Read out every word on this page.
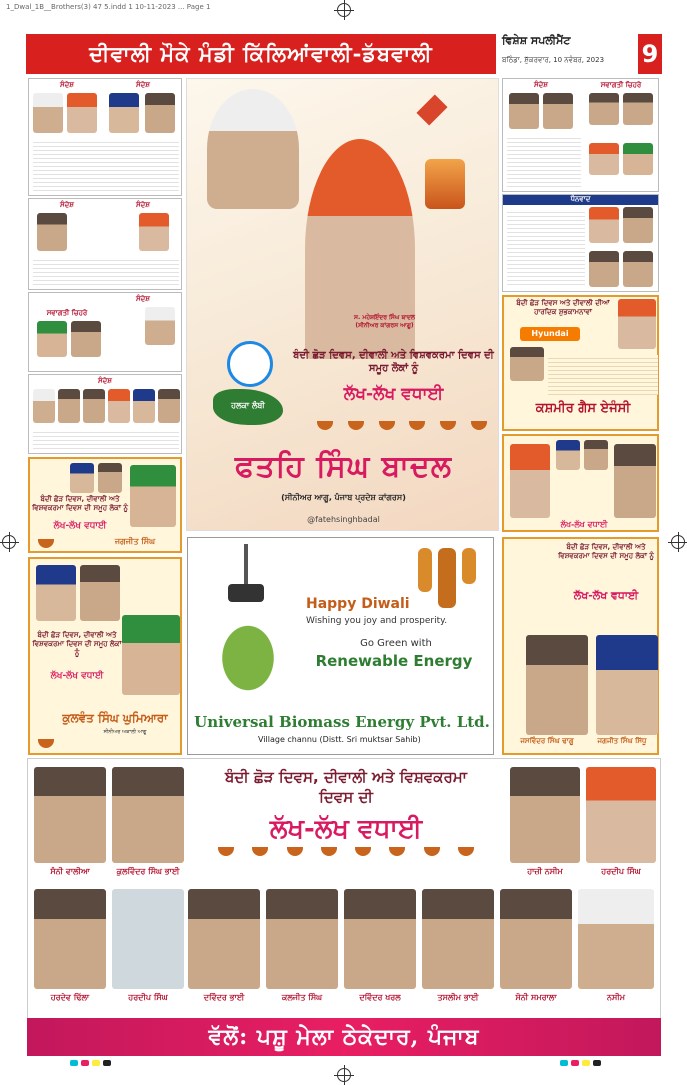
1_Dwal_1B__Brothers(3) 47 5.indd 1 10-11-2023 ... Page 1
ਦੀਵਾਲੀ ਮੌਕੇ ਮੰਡੀ ਕਿੱਲਿਆਂਵਾਲੀ-ਡੱਬਵਾਲੀ
ਵਿਸ਼ੇਸ਼ ਸਪਲੀਮੈਂਟ
ਬਠਿੰਡਾ, ਸ਼ੁੱਕਰਵਾਰ, 10 ਨਵੰਬਰ, 2023	9
ਸੰਦੇਸ਼	ਸੰਦੇਸ਼
ਸੰਦੇਸ਼	ਸੰਦੇਸ਼
ਸਵਾਗਤੀ ਚਿਹਰੇ
ਸੰਦੇਸ਼
ਸੰਦੇਸ਼
ਬੰਦੀ ਛੋੜ ਦਿਵਸ, ਦੀਵਾਲੀ ਅਤੇ ਵਿਸ਼ਵਕਰਮਾ ਦਿਵਸ ਦੀ ਸਮੂਹ ਲੋਕਾਂ ਨੂੰ
ਲੱਖ-ਲੱਖ ਵਧਾਈ
ਜਗਜੀਤ ਸਿੰਘ
ਬੰਦੀ ਛੋੜ ਦਿਵਸ, ਦੀਵਾਲੀ ਅਤੇ ਵਿਸ਼ਵਕਰਮਾ ਦਿਵਸ ਦੀ ਸਮੂਹ ਲੋਕਾਂ ਨੂੰ
ਲੱਖ-ਲੱਖ ਵਧਾਈ
ਕੁਲਵੰਤ ਸਿੰਘ ਘੁਮਿਆਰਾ
ਸੀਨੀਅਰ ਅਕਾਲੀ ਆਗੂ
ਸ. ਮਹੇਸ਼ਇੰਦਰ ਸਿੰਘ ਬਾਦਲ
(ਸੀਨੀਅਰ ਕਾਂਗਰਸ ਆਗੂ)
ਹਲਕਾ ਲੰਬੀ
ਬੰਦੀ ਛੋੜ ਦਿਵਸ, ਦੀਵਾਲੀ ਅਤੇ ਵਿਸ਼ਵਕਰਮਾ ਦਿਵਸ ਦੀ ਸਮੂਹ ਲੋਕਾਂ ਨੂੰ
ਲੱਖ-ਲੱਖ ਵਧਾਈ
ਫਤਹਿ ਸਿੰਘ ਬਾਦਲ
(ਸੀਨੀਅਰ ਆਗੂ, ਪੰਜਾਬ ਪ੍ਰਦੇਸ਼ ਕਾਂਗਰਸ)
@fatehsinghbadal
Happy Diwali
Wishing you joy and prosperity.
Go Green with
Renewable Energy
Universal Biomass Energy Pvt. Ltd.
Village channu (Distt. Sri muktsar Sahib)
ਸੰਦੇਸ਼	ਸਵਾਗਤੀ ਚਿਹਰੇ
ਧੰਨਵਾਦ
ਬੰਦੀ ਛੋੜ ਦਿਵਸ ਅਤੇ ਦੀਵਾਲੀ ਦੀਆਂ ਹਾਰਦਿਕ ਸ਼ੁਭਕਾਮਨਾਵਾਂ
Hyundai
ਕਸ਼ਮੀਰ ਗੈਸ ਏਜੰਸੀ
ਲੱਖ-ਲੱਖ ਵਧਾਈ
ਬੰਦੀ ਛੋੜ ਦਿਵਸ, ਦੀਵਾਲੀ ਅਤੇ ਵਿਸ਼ਵਕਰਮਾ ਦਿਵਸ ਦੀ ਸਮੂਹ ਲੋਕਾਂ ਨੂੰ
ਲੱਖ-ਲੱਖ ਵਧਾਈ
ਜਸਵਿੰਦਰ ਸਿੰਘ ਢਾਗੂ	ਜਗਜੀਤ ਸਿੰਘ ਸਿੱਧੂ
ਬੰਦੀ ਛੋੜ ਦਿਵਸ, ਦੀਵਾਲੀ ਅਤੇ ਵਿਸ਼ਵਕਰਮਾ ਦਿਵਸ ਦੀ
ਲੱਖ-ਲੱਖ ਵਧਾਈ
ਸੰਨੀ ਵਾਲੀਆ	ਕੁਲਵਿੰਦਰ ਸਿੰਘ ਭਾਈ	ਹਾਜ਼ੀ ਨਸੀਮ	ਹਰਦੀਪ ਸਿੰਘ
ਹਰਦੇਵ ਢਿੱਲਾ	ਹਰਦੀਪ ਸਿੰਘ	ਦਵਿੰਦਰ ਭਾਈ	ਕਲਜੀਤ ਸਿੰਘ	ਦਵਿੰਦਰ ਖਰਲ	ਤਸਲੀਮ ਭਾਈ	ਸੋਨੀ ਸਮਰਾਲਾ	ਨਸੀਮ
ਵੱਲੋਂ: ਪਸ਼ੂ ਮੇਲਾ ਠੇਕੇਦਾਰ, ਪੰਜਾਬ
